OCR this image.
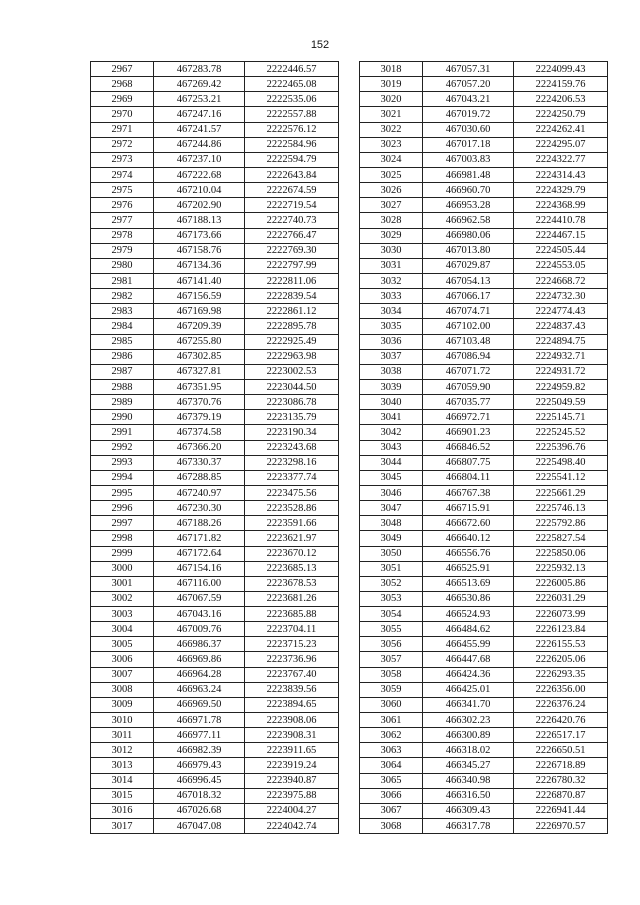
152
2967	467283.78	2222446.57
2968	467269.42	2222465.08
2969	467253.21	2222535.06
2970	467247.16	2222557.88
2971	467241.57	2222576.12
2972	467244.86	2222584.96
2973	467237.10	2222594.79
2974	467222.68	2222643.84
2975	467210.04	2222674.59
2976	467202.90	2222719.54
2977	467188.13	2222740.73
2978	467173.66	2222766.47
2979	467158.76	2222769.30
2980	467134.36	2222797.99
2981	467141.40	2222811.06
2982	467156.59	2222839.54
2983	467169.98	2222861.12
2984	467209.39	2222895.78
2985	467255.80	2222925.49
2986	467302.85	2222963.98
2987	467327.81	2223002.53
2988	467351.95	2223044.50
2989	467370.76	2223086.78
2990	467379.19	2223135.79
2991	467374.58	2223190.34
2992	467366.20	2223243.68
2993	467330.37	2223298.16
2994	467288.85	2223377.74
2995	467240.97	2223475.56
2996	467230.30	2223528.86
2997	467188.26	2223591.66
2998	467171.82	2223621.97
2999	467172.64	2223670.12
3000	467154.16	2223685.13
3001	467116.00	2223678.53
3002	467067.59	2223681.26
3003	467043.16	2223685.88
3004	467009.76	2223704.11
3005	466986.37	2223715.23
3006	466969.86	2223736.96
3007	466964.28	2223767.40
3008	466963.24	2223839.56
3009	466969.50	2223894.65
3010	466971.78	2223908.06
3011	466977.11	2223908.31
3012	466982.39	2223911.65
3013	466979.43	2223919.24
3014	466996.45	2223940.87
3015	467018.32	2223975.88
3016	467026.68	2224004.27
3017	467047.08	2224042.74
3018	467057.31	2224099.43
3019	467057.20	2224159.76
3020	467043.21	2224206.53
3021	467019.72	2224250.79
3022	467030.60	2224262.41
3023	467017.18	2224295.07
3024	467003.83	2224322.77
3025	466981.48	2224314.43
3026	466960.70	2224329.79
3027	466953.28	2224368.99
3028	466962.58	2224410.78
3029	466980.06	2224467.15
3030	467013.80	2224505.44
3031	467029.87	2224553.05
3032	467054.13	2224668.72
3033	467066.17	2224732.30
3034	467074.71	2224774.43
3035	467102.00	2224837.43
3036	467103.48	2224894.75
3037	467086.94	2224932.71
3038	467071.72	2224931.72
3039	467059.90	2224959.82
3040	467035.77	2225049.59
3041	466972.71	2225145.71
3042	466901.23	2225245.52
3043	466846.52	2225396.76
3044	466807.75	2225498.40
3045	466804.11	2225541.12
3046	466767.38	2225661.29
3047	466715.91	2225746.13
3048	466672.60	2225792.86
3049	466640.12	2225827.54
3050	466556.76	2225850.06
3051	466525.91	2225932.13
3052	466513.69	2226005.86
3053	466530.86	2226031.29
3054	466524.93	2226073.99
3055	466484.62	2226123.84
3056	466455.99	2226155.53
3057	466447.68	2226205.06
3058	466424.36	2226293.35
3059	466425.01	2226356.00
3060	466341.70	2226376.24
3061	466302.23	2226420.76
3062	466300.89	2226517.17
3063	466318.02	2226650.51
3064	466345.27	2226718.89
3065	466340.98	2226780.32
3066	466316.50	2226870.87
3067	466309.43	2226941.44
3068	466317.78	2226970.57
